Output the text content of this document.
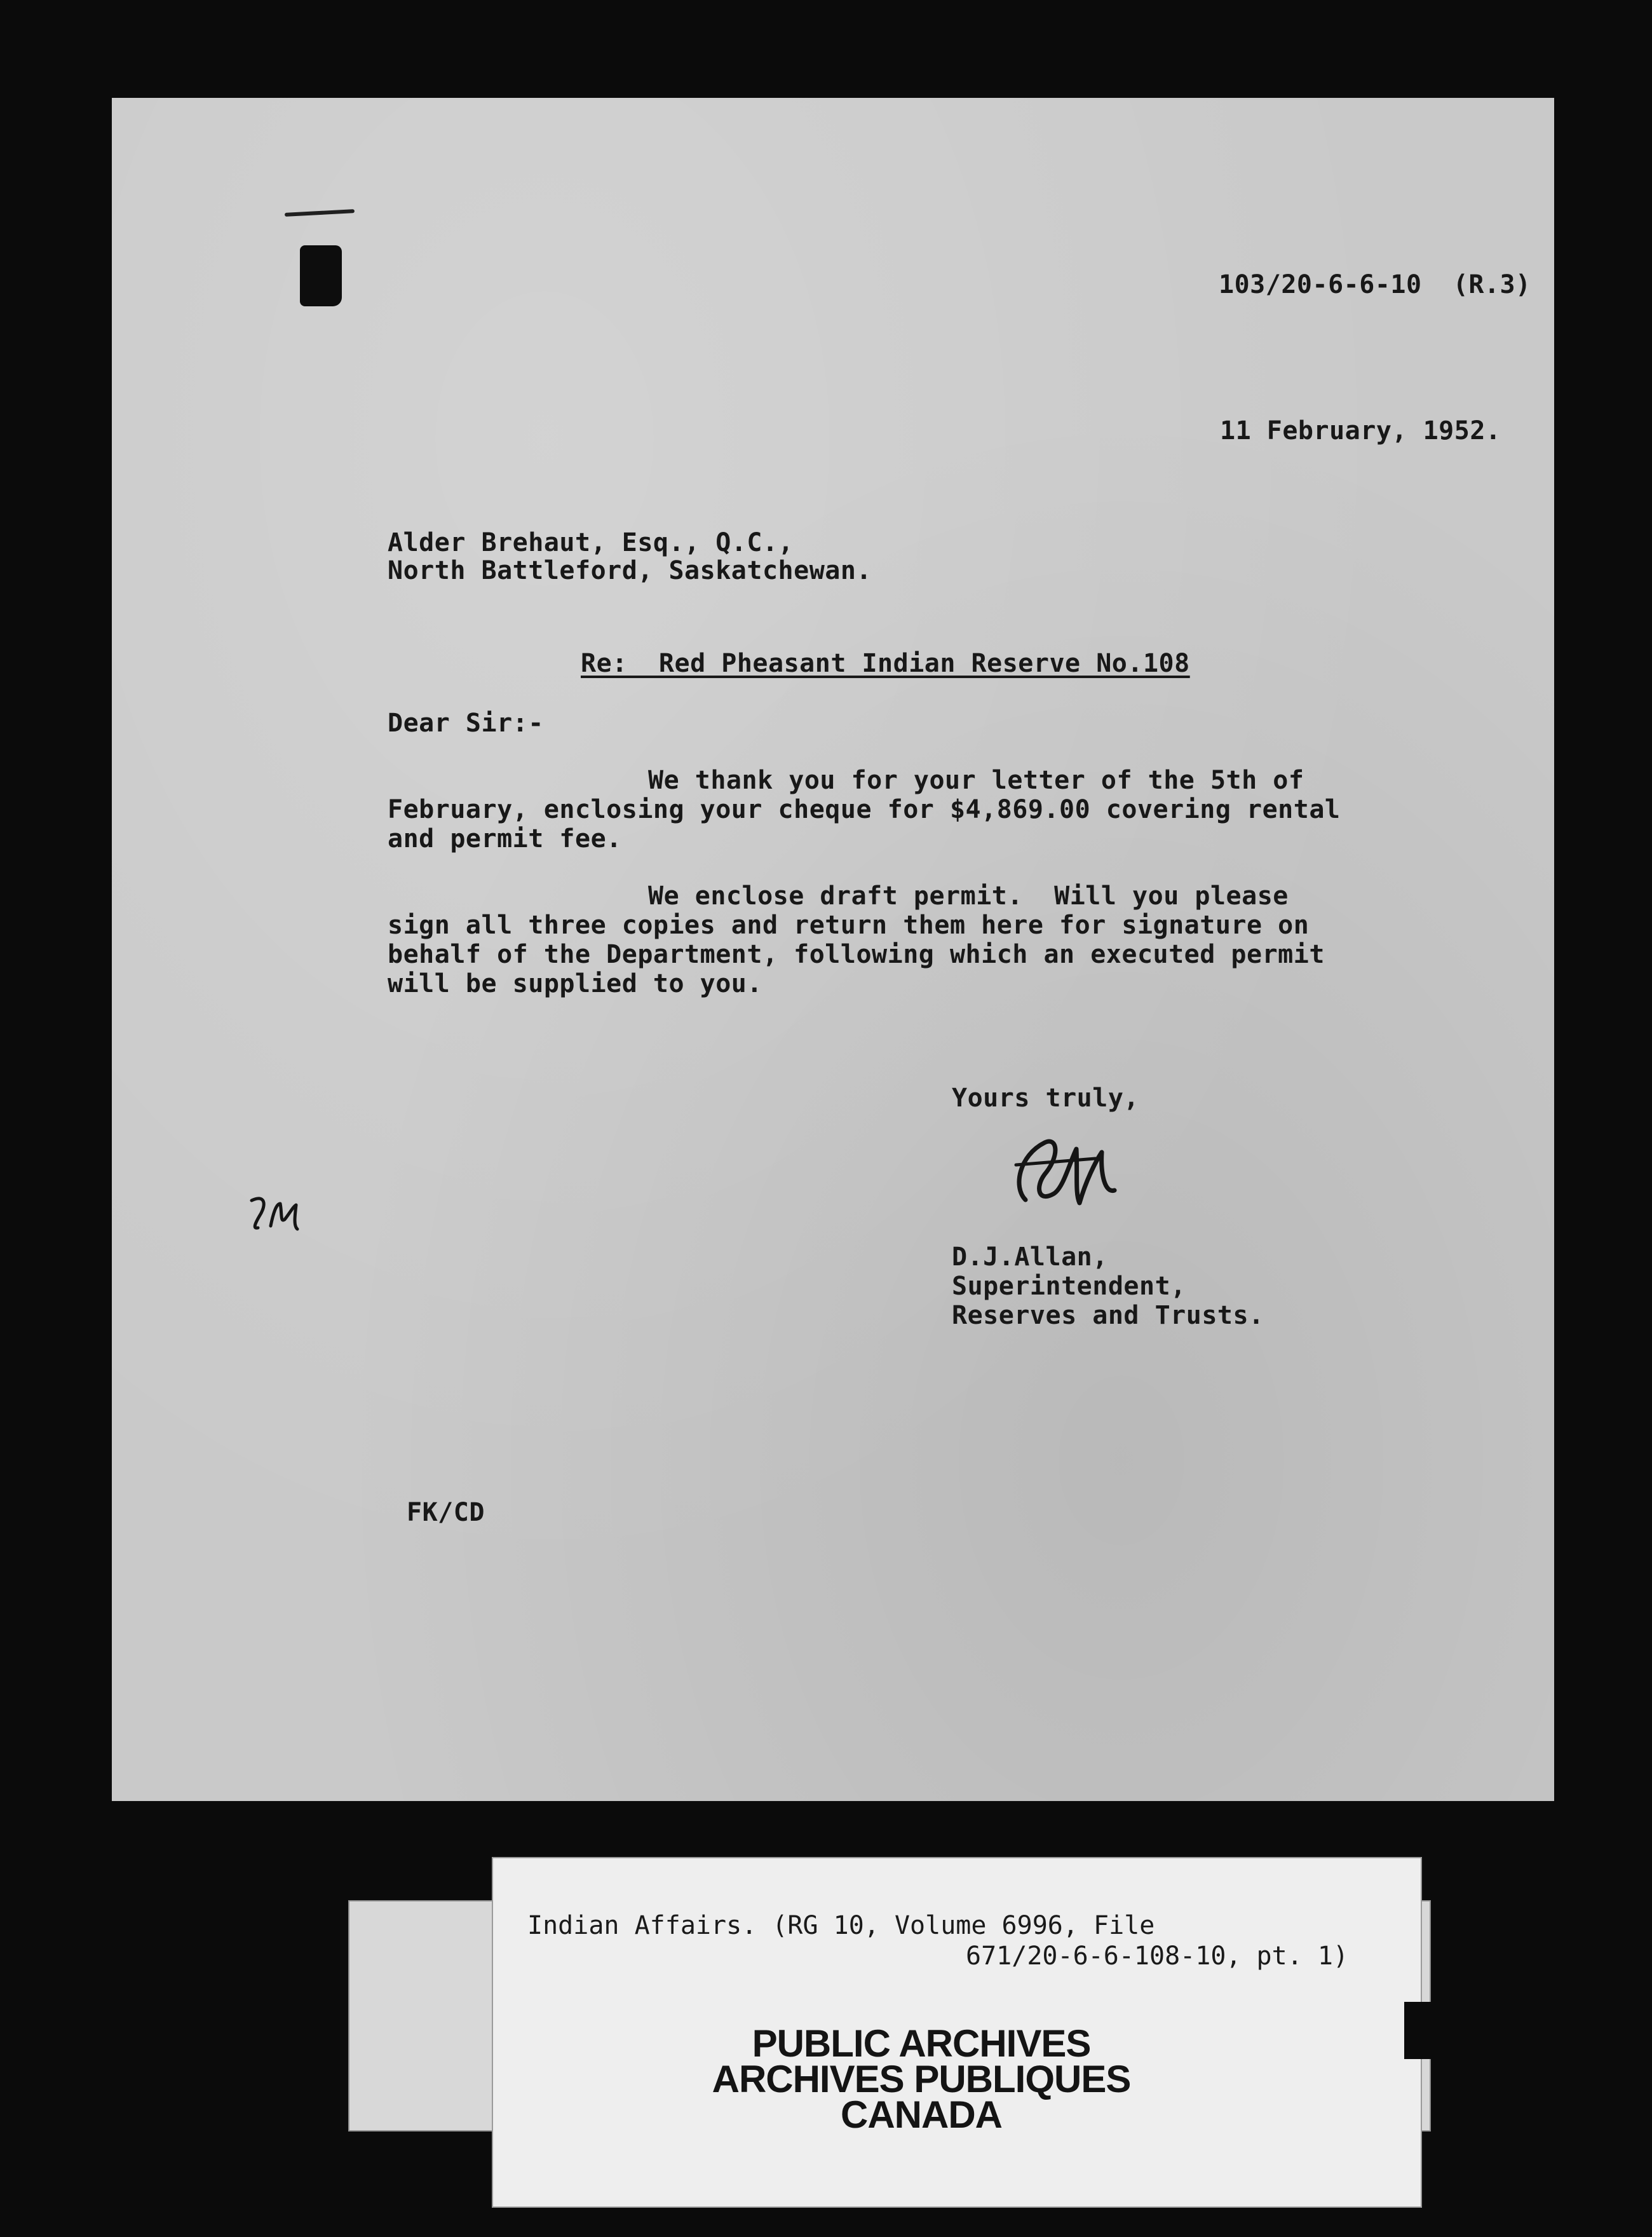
103/20-6-6-10  (R.3)
11 February, 1952.
Alder Brehaut, Esq., Q.C.,
North Battleford, Saskatchewan.
Re:  Red Pheasant Indian Reserve No.108
Dear Sir:-
We thank you for your letter of the 5th of
February, enclosing your cheque for $4,869.00 covering rental
and permit fee.
We enclose draft permit.  Will you please
sign all three copies and return them here for signature on
behalf of the Department, following which an executed permit
will be supplied to you.
Yours truly,
D.J.Allan,
Superintendent,
Reserves and Trusts.
FK/CD
Indian Affairs. (RG 10, Volume 6996, File
671/20-6-6-108-10, pt. 1)
PUBLIC ARCHIVES
ARCHIVES PUBLIQUES
CANADA
